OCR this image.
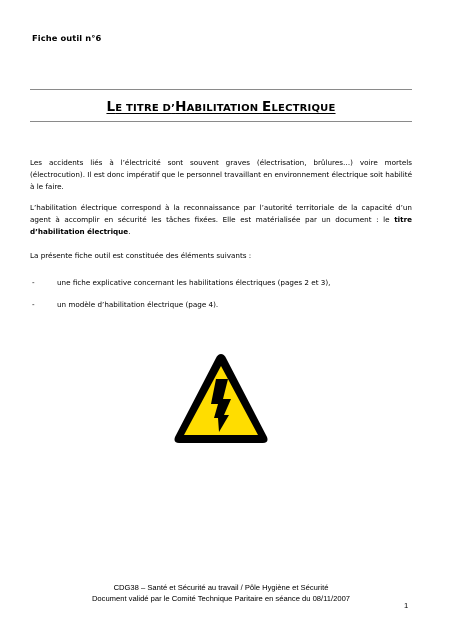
Fiche outil n°6
LE TITRE D’HABILITATION ELECTRIQUE
Les accidents liés à l’électricité sont souvent graves (électrisation, brûlures…) voire mortels (électrocution). Il est donc impératif que le personnel travaillant en environnement électrique soit habilité à le faire.
L’habilitation électrique correspond à la reconnaissance par l’autorité territoriale de la capacité d’un agent à accomplir en sécurité les tâches fixées. Elle est matérialisée par un document : le titre d’habilitation électrique.
La présente fiche outil est constituée des éléments suivants :
-	une fiche explicative concernant les habilitations électriques (pages 2 et 3),
-	un modèle d’habilitation électrique (page 4).
CDG38 – Santé et Sécurité au travail / Pôle Hygiène et Sécurité
Document validé par le Comité Technique Paritaire en séance du 08/11/2007
1
